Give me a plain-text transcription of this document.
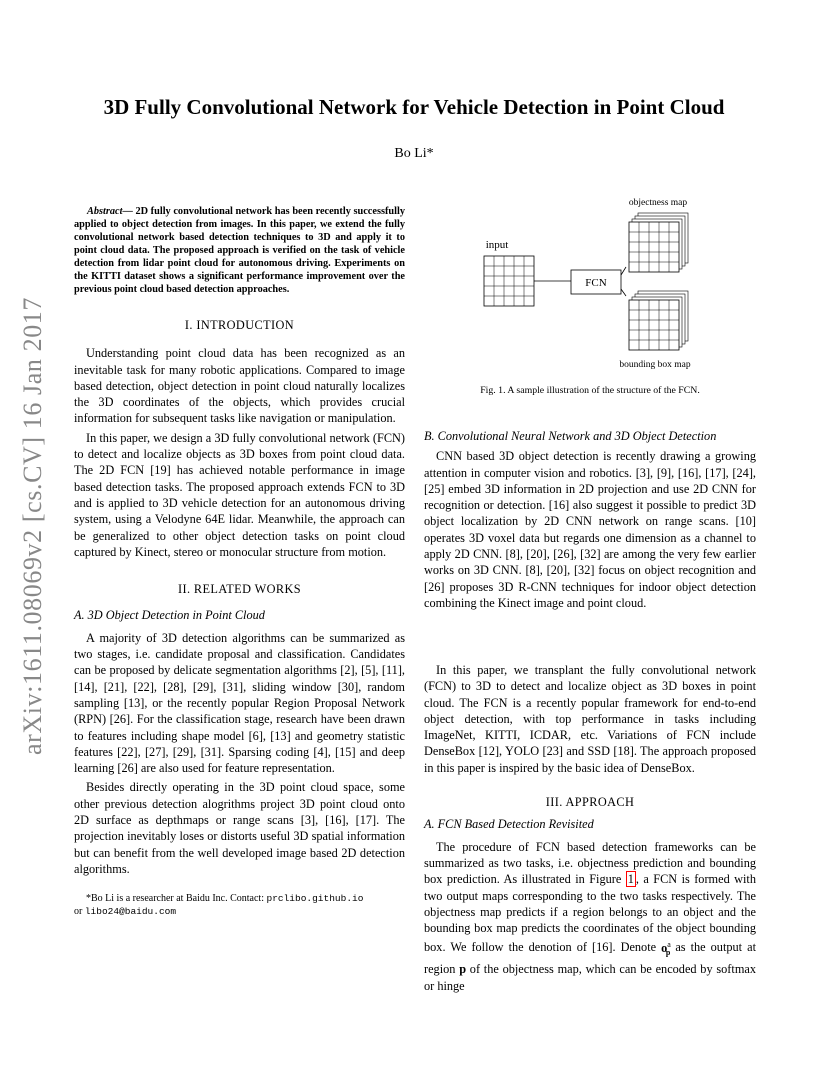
3D Fully Convolutional Network for Vehicle Detection in Point Cloud
Bo Li*
arXiv:1611.08069v2 [cs.CV] 16 Jan 2017

Abstract— 2D fully convolutional network has been recently successfully applied to object detection from images. In this paper, we extend the fully convolutional network based detection techniques to 3D and apply it to point cloud data. The proposed approach is verified on the task of vehicle detection from lidar point cloud for autonomous driving. Experiments on the KITTI dataset shows a significant performance improvement over the previous point cloud based detection approaches.

I. INTRODUCTION

Understanding point cloud data has been recognized as an inevitable task for many robotic applications. Compared to image based detection, object detection in point cloud naturally localizes the 3D coordinates of the objects, which provides crucial information for subsequent tasks like navigation or manipulation.

In this paper, we design a 3D fully convolutional network (FCN) to detect and localize objects as 3D boxes from point cloud data. The 2D FCN [19] has achieved notable performance in image based detection tasks. The proposed approach extends FCN to 3D and is applied to 3D vehicle detection for an autonomous driving system, using a Velodyne 64E lidar. Meanwhile, the approach can be generalized to other object detection tasks on point cloud captured by Kinect, stereo or monocular structure from motion.

II. RELATED WORKS
A. 3D Object Detection in Point Cloud

A majority of 3D detection algorithms can be summarized as two stages, i.e. candidate proposal and classification. Candidates can be proposed by delicate segmentation algorithms [2], [5], [11], [14], [21], [22], [28], [29], [31], sliding window [30], random sampling [13], or the recently popular Region Proposal Network (RPN) [26]. For the classification stage, research have been drawn to features including shape model [6], [13] and geometry statistic features [22], [27], [29], [31]. Sparsing coding [4], [15] and deep learning [26] are also used for feature representation.

Besides directly operating in the 3D point cloud space, some other previous detection alogrithms project 3D point cloud onto 2D surface as depthmaps or range scans [3], [16], [17]. The projection inevitably loses or distorts useful 3D spatial information but can benefit from the well developed image based 2D detection algorithms.

*Bo Li is a researcher at Baidu Inc. Contact: prclibo.github.io
or libo24@baidu.com
input
FCN
objectness map
bounding box map
Fig. 1. A sample illustration of the structure of the FCN.
B. Convolutional Neural Network and 3D Object Detection

CNN based 3D object detection is recently drawing a growing attention in computer vision and robotics. [3], [9], [16], [17], [24], [25] embed 3D information in 2D projection and use 2D CNN for recognition or detection. [16] also suggest it possible to predict 3D object localization by 2D CNN network on range scans. [10] operates 3D voxel data but regards one dimension as a channel to apply 2D CNN. [8], [20], [26], [32] are among the very few earlier works on 3D CNN. [8], [20], [32] focus on object recognition and [26] proposes 3D R-CNN techniques for indoor object detection combining the Kinect image and point cloud.

In this paper, we transplant the fully convolutional network (FCN) to 3D to detect and localize object as 3D boxes in point cloud. The FCN is a recently popular framework for end-to-end object detection, with top performance in tasks including ImageNet, KITTI, ICDAR, etc. Variations of FCN include DenseBox [12], YOLO [23] and SSD [18]. The approach proposed in this paper is inspired by the basic idea of DenseBox.

III. APPROACH
A. FCN Based Detection Revisited

The procedure of FCN based detection frameworks can be summarized as two tasks, i.e. objectness prediction and bounding box prediction. As illustrated in Figure 1 , a FCN is formed with two output maps corresponding to the two tasks respectively. The objectness map predicts if a region belongs to an object and the bounding box map predicts the coordinates of the object bounding box. We follow the denotion of [16]. Denote $o^a_p$ as the output at region p of the objectness map, which can be encoded by softmax or hinge
